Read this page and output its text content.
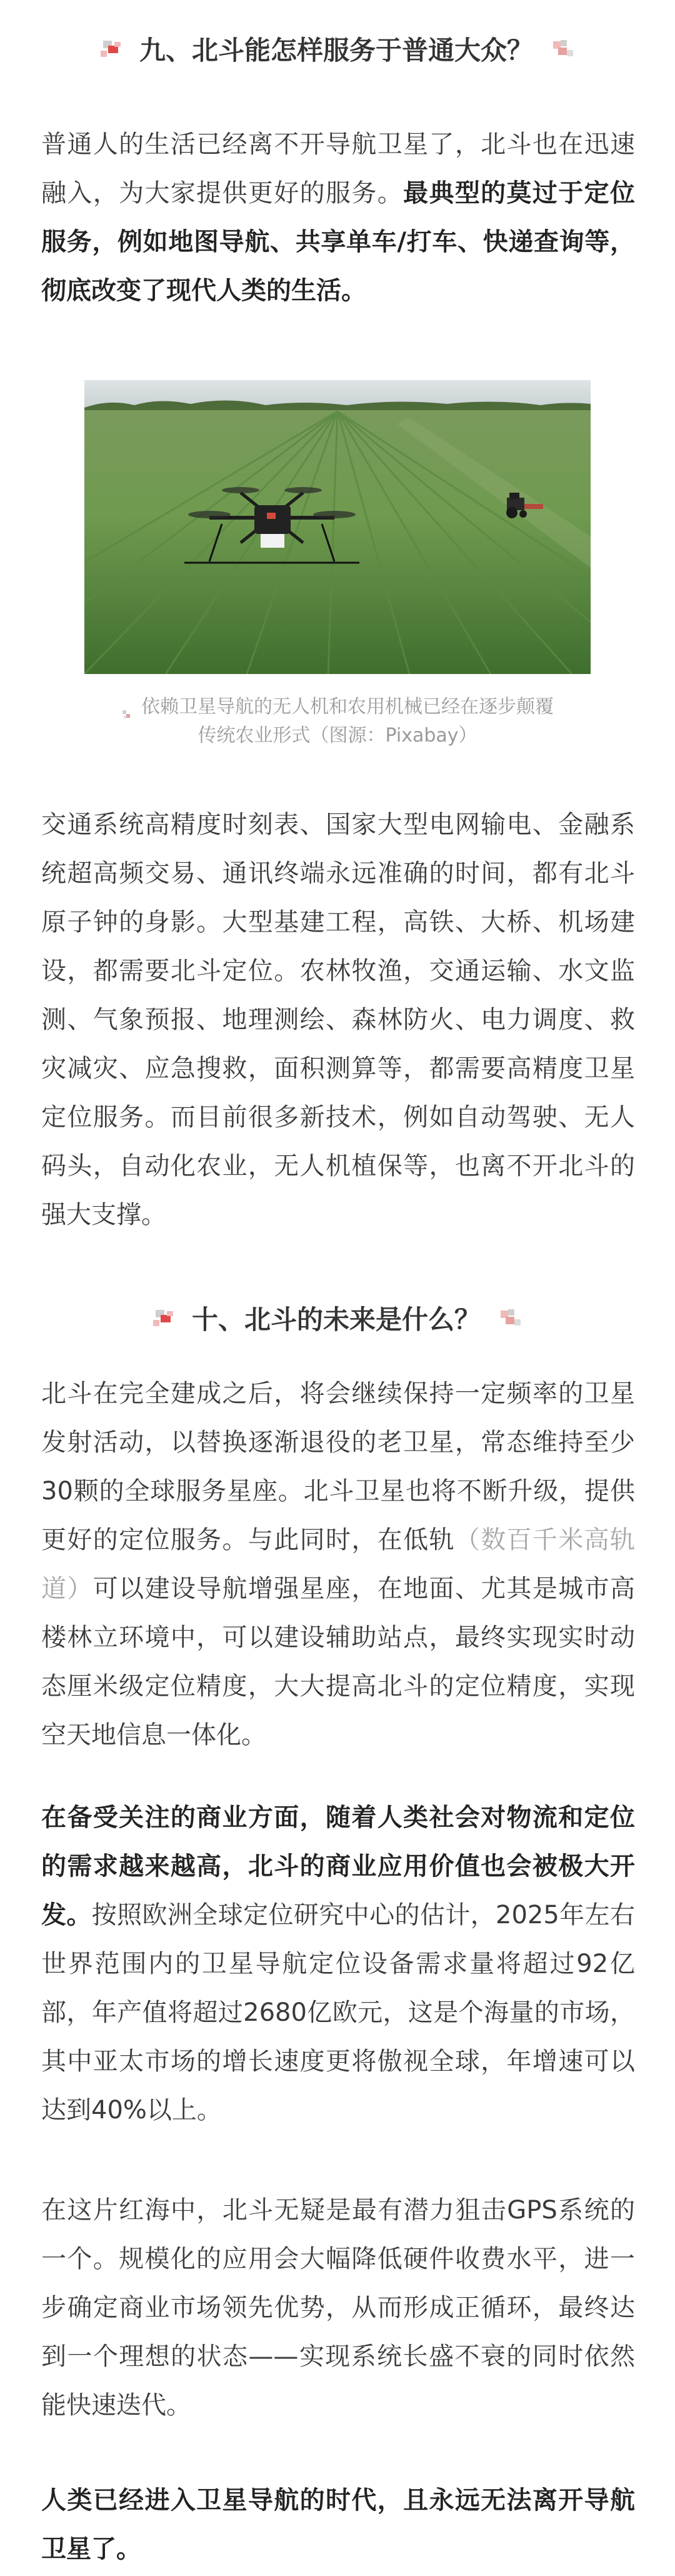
九、北斗能怎样服务于普通大众？

普通人的生活已经离不开导航卫星了，北斗也在迅速融入，为大家提供更好的服务。最典型的莫过于定位服务，例如地图导航、共享单车/打车、快递查询等，彻底改变了现代人类的生活。

依赖卫星导航的无人机和农用机械已经在逐步颠覆传统农业形式（图源：Pixabay）

交通系统高精度时刻表、国家大型电网输电、金融系统超高频交易、通讯终端永远准确的时间，都有北斗原子钟的身影。大型基建工程，高铁、大桥、机场建设，都需要北斗定位。农林牧渔，交通运输、水文监测、气象预报、地理测绘、森林防火、电力调度、救灾减灾、应急搜救，面积测算等，都需要高精度卫星定位服务。而目前很多新技术，例如自动驾驶、无人码头，自动化农业，无人机植保等，也离不开北斗的强大支撑。

十、北斗的未来是什么？

北斗在完全建成之后，将会继续保持一定频率的卫星发射活动，以替换逐渐退役的老卫星，常态维持至少30颗的全球服务星座。北斗卫星也将不断升级，提供更好的定位服务。与此同时，在低轨（数百千米高轨道）可以建设导航增强星座，在地面、尤其是城市高楼林立环境中，可以建设辅助站点，最终实现实时动态厘米级定位精度，大大提高北斗的定位精度，实现空天地信息一体化。

在备受关注的商业方面，随着人类社会对物流和定位的需求越来越高，北斗的商业应用价值也会被极大开发。按照欧洲全球定位研究中心的估计，2025年左右世界范围内的卫星导航定位设备需求量将超过92亿部，年产值将超过2680亿欧元，这是个海量的市场，其中亚太市场的增长速度更将傲视全球，年增速可以达到40%以上。

在这片红海中，北斗无疑是最有潜力狙击GPS系统的一个。规模化的应用会大幅降低硬件收费水平，进一步确定商业市场领先优势，从而形成正循环，最终达到一个理想的状态——实现系统长盛不衰的同时依然能快速迭代。

人类已经进入卫星导航的时代，且永远无法离开导航卫星了。
